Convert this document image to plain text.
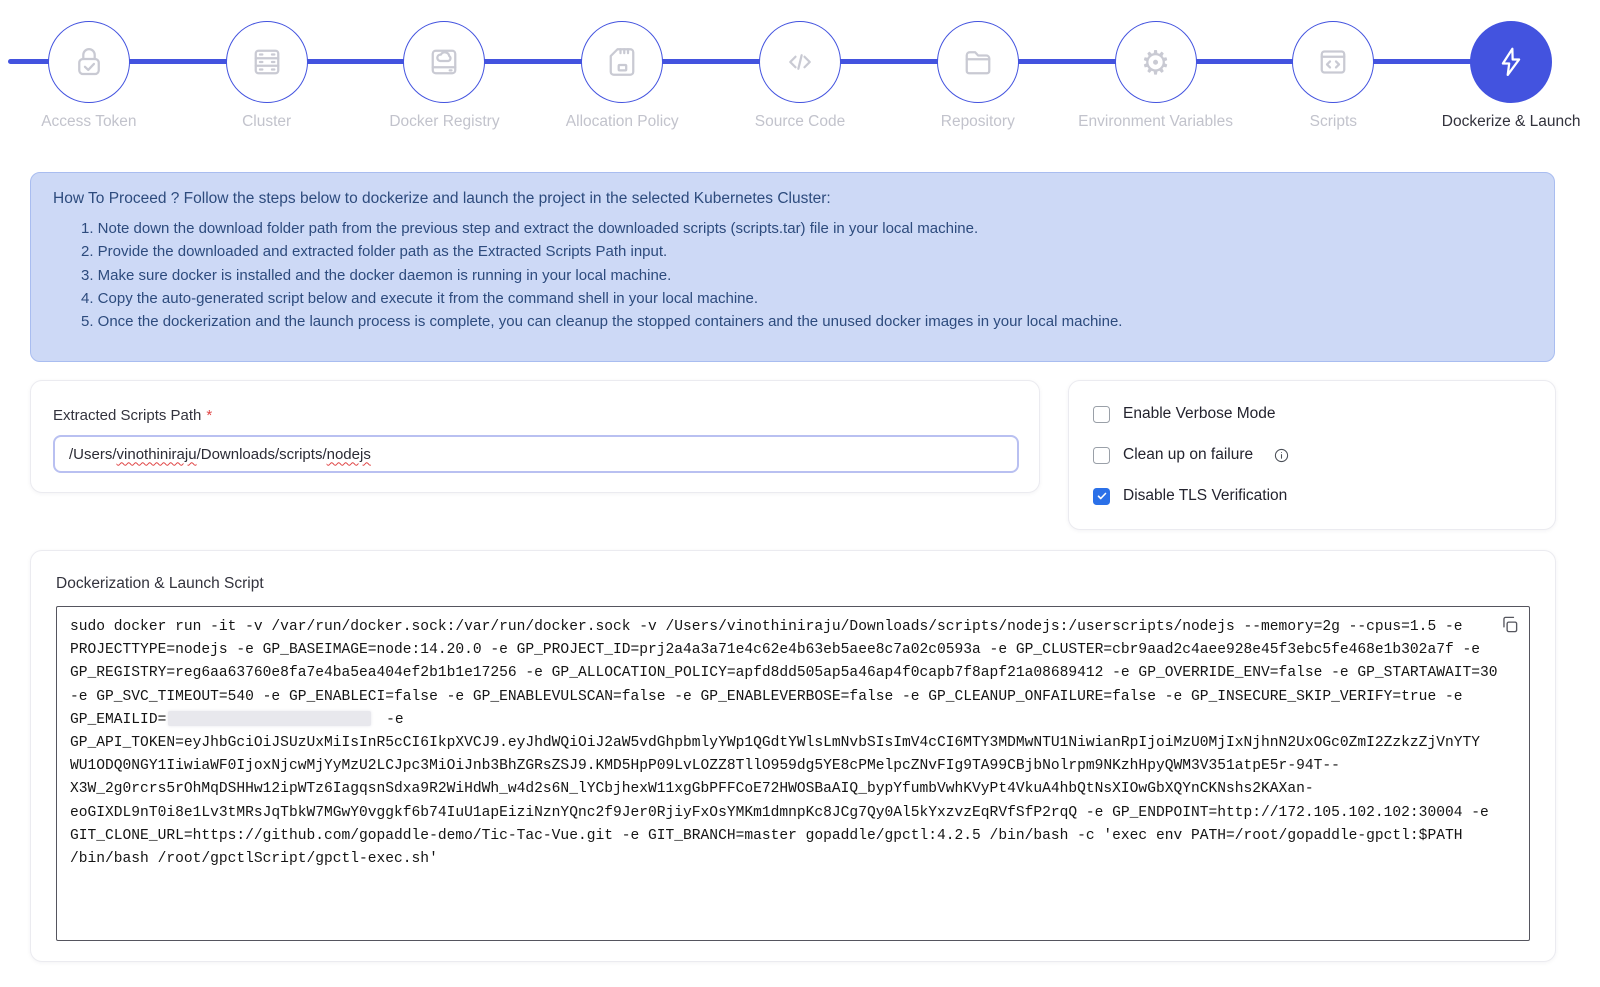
Access Token	Cluster	Docker Registry	Allocation Policy	Source Code	Repository
⚙
Environment Variables	Scripts	Dockerize & Launch
How To Proceed ? Follow the steps below to dockerize and launch the project in the selected Kubernetes Cluster:
1. Note down the download folder path from the previous step and extract the downloaded scripts (scripts.tar) file in your local machine.
2. Provide the downloaded and extracted folder path as the Extracted Scripts Path input.
3. Make sure docker is installed and the docker daemon is running in your local machine.
4. Copy the auto-generated script below and execute it from the command shell in your local machine.
5. Once the dockerization and the launch process is complete, you can cleanup the stopped containers and the unused docker images in your local machine.
Extracted Scripts Path *
/Users/ vinothiniraju /Downloads/scripts/ nodejs
Enable Verbose Mode
Clean up on failure
Disable TLS Verification
Dockerization & Launch Script
sudo docker run -it -v /var/run/docker.sock:/var/run/docker.sock -v /Users/vinothiniraju/Downloads/scripts/nodejs:/userscripts/nodejs --memory=2g --cpus=1.5 -e
PROJECTTYPE=nodejs -e GP_BASEIMAGE=node:14.20.0 -e GP_PROJECT_ID=prj2a4a3a71e4c62e4b63eb5aee8c7a02c0593a -e GP_CLUSTER=cbr9aad2c4aee928e45f3ebc5fe468e1b302a7f -e
GP_REGISTRY=reg6aa63760e8fa7e4ba5ea404ef2b1b1e17256 -e GP_ALLOCATION_POLICY=apfd8dd505ap5a46ap4f0capb7f8apf21a08689412 -e GP_OVERRIDE_ENV=false -e GP_STARTAWAIT=30
-e GP_SVC_TIMEOUT=540 -e GP_ENABLECI=false -e GP_ENABLEVULSCAN=false -e GP_ENABLEVERBOSE=false -e GP_CLEANUP_ONFAILURE=false -e GP_INSECURE_SKIP_VERIFY=true -e
GP_EMAILID=	-e
GP_API_TOKEN=eyJhbGciOiJSUzUxMiIsInR5cCI6IkpXVCJ9.eyJhdWQiOiJ2aW5vdGhpbmlyYWp1QGdtYWlsLmNvbSIsImV4cCI6MTY3MDMwNTU1NiwianRpIjoiMzU0MjIxNjhnN2UxOGc0ZmI2ZzkzZjVnYTY
WU1ODQ0NGY1IiwiaWF0IjoxNjcwMjYyMzU2LCJpc3MiOiJnb3BhZGRsZSJ9.KMD5HpP09LvLOZZ8TllO959dg5YE8cPMelpcZNvFIg9TA99CBjbNolrpm9NKzhHpyQWM3V351atpE5r-94T--
X3W_2g0rcrs5rOhMqDSHHw12ipWTz6IagqsnSdxa9R2WiHdWh_w4d2s6N_lYCbjhexW11xgGbPFFCoE72HWOSBaAIQ_bypYfumbVwhKVyPt4VkuA4hbQtNsXIOwGbXQYnCKNshs2KAXan-
eoGIXDL9nT0i8e1Lv3tMRsJqTbkW7MGwY0vggkf6b74IuU1apEiziNznYQnc2f9Jer0RjiyFxOsYMKm1dmnpKc8JCg7Qy0Al5kYxzvzEqRVfSfP2rqQ -e GP_ENDPOINT=http://172.105.102.102:30004 -e
GIT_CLONE_URL=https://github.com/gopaddle-demo/Tic-Tac-Vue.git -e GIT_BRANCH=master gopaddle/gpctl:4.2.5 /bin/bash -c 'exec env PATH=/root/gopaddle-gpctl:$PATH
/bin/bash /root/gpctlScript/gpctl-exec.sh'
